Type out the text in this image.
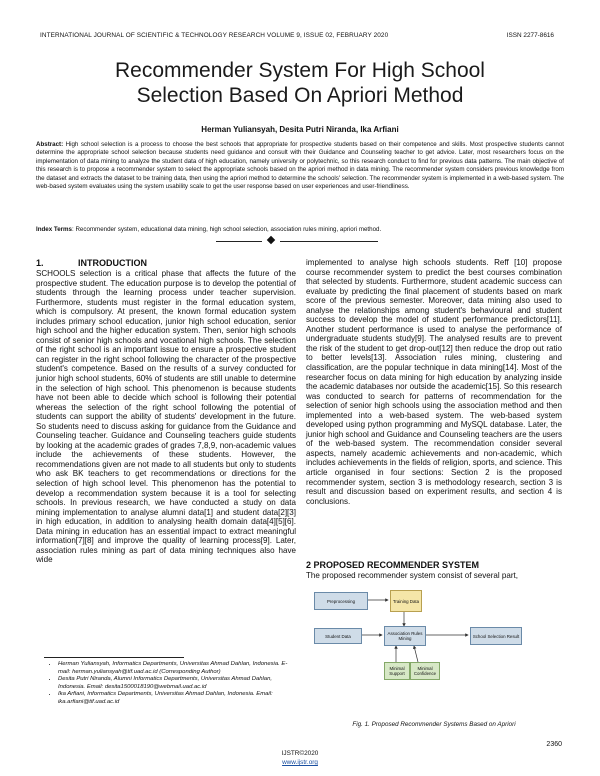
INTERNATIONAL JOURNAL OF SCIENTIFIC & TECHNOLOGY RESEARCH VOLUME 9, ISSUE 02, FEBRUARY 2020	ISSN 2277-8616
Recommender System For High School
Selection Based On Apriori Method
Herman Yuliansyah, Desita Putri Niranda, Ika Arfiani
Abstract: High school selection is a process to choose the best schools that appropriate for prospective students based on their competence and skills. Most prospective students cannot determine the appropriate school selection because students need guidance and consult with their Guidance and Counseling teacher to get advice. Later, most researchers focus on the implementation of data mining to analyze the student data of high education, namely university or polytechnic, so this research conduct to find for previous data patterns. The main objective of this research is to propose a recommender system to select the appropriate schools based on the apriori method in data mining. The recommender system considers previous knowledge from the dataset and extracts the dataset to be training data, then using the apriori method to determine the schools' selection. The recommender system is implemented in a web-based system. The web-based system evaluates using the system usability scale to get the user response based on user experiences and user-friendliness.
Index Terms: Recommender system, educational data mining, high school selection, association rules mining, apriori method.
1.	INTRODUCTION

SCHOOLS selection is a critical phase that affects the future of the prospective student. The education purpose is to develop the potential of students through the learning process under teacher supervision. Furthermore, students must register in the formal education system, which is compulsory. At present, the known formal education system includes primary school education, junior high school education, senior high school and the higher education system. Then, senior high schools consist of senior high schools and vocational high schools. The selection of the right school is an important issue to ensure a prospective student can register in the right school following the character of the prospective student's competence. Based on the results of a survey conducted for junior high school students, 60% of students are still unable to determine in the selection of high school. This phenomenon is because students have not been able to decide which school is following their potential whereas the selection of the right school following the potential of students can support the ability of students' development in the future. So students need to discuss asking for guidance from the Guidance and Counseling teacher. Guidance and Counseling teachers guide students by looking at the academic grades of grades 7,8,9, non-academic values include the achievements of these students. However, the recommendations given are not made to all students but only to students who ask BK teachers to get recommendations or directions for the selection of high school level. This phenomenon has the potential to develop a recommendation system because it is a tool for selecting schools. In previous research, we have conducted a study on data mining implementation to analyse alumni data[1] and student data[2][3] in high education, in addition to analysing health domain data[4][5][6]. Data mining in education has an essential impact to extract meaningful information[7][8] and improve the quality of learning process[9]. Later, association rules mining as part of data mining techniques also have wide

implemented to analyse high schools students. Reff [10] propose course recommender system to predict the best courses combination that selected by students. Furthermore, student academic success can evaluate by predicting the final placement of students based on mark score of the previous semester. Moreover, data mining also used to analyse the relationships among student's behavioural and student success to develop the model of student performance predictors[11]. Another student performance is used to analyse the performance of undergraduate students study[9]. The analysed results are to prevent the risk of the student to get drop-out[12] then reduce the drop out ratio to better levels[13]. Association rules mining, clustering and classification, are the popular technique in data mining[14]. Most of the researcher focus on data mining for high education by analyzing inside the academic databases nor outside the academic[15]. So this research was conducted to search for patterns of recommendation for the selection of senior high schools using the association method and then implemented into a web-based system. The web-based system developed using python programming and MySQL database. Later, the junior high school and Guidance and Counseling teachers are the users of the web-based system. The recommendation consider several aspects, namely academic achievements and non-academic, which includes achievements in the fields of religion, sports, and science. This article organised in four sections: Section 2 is the proposed recommender system, section 3 is methodology research, section 3 is result and discussion based on experiment results, and section 4 is conclusions.

2 PROPOSED RECOMMENDER SYSTEM
The proposed recommender system consist of several part,
• Herman Yuliansyah, Informatics Departments, Universitas Ahmad Dahlan, Indonesia. E-mail: herman.yuliansyah@tif.uad.ac.id (Corresponding Author)
• Desita Putri Niranda, Alumni Informatics Departments, Universitas Ahmad Dahlan, Indonesia. Email: desita1500018190@webmail.uad.ac.id
• Ika Arfiani, Informatics Departments, Universitas Ahmad Dahlan, Indonesia. Email: ika.arfiani@tif.uad.ac.id
Preprocessing	Training Data
Student Data	Association Rules Mining	School Selection Result
Minimal Support
Minimal Confidence
Fig. 1. Proposed Recommender Systems Based on Apriori
2360
IJSTR©2020
www.ijstr.org
